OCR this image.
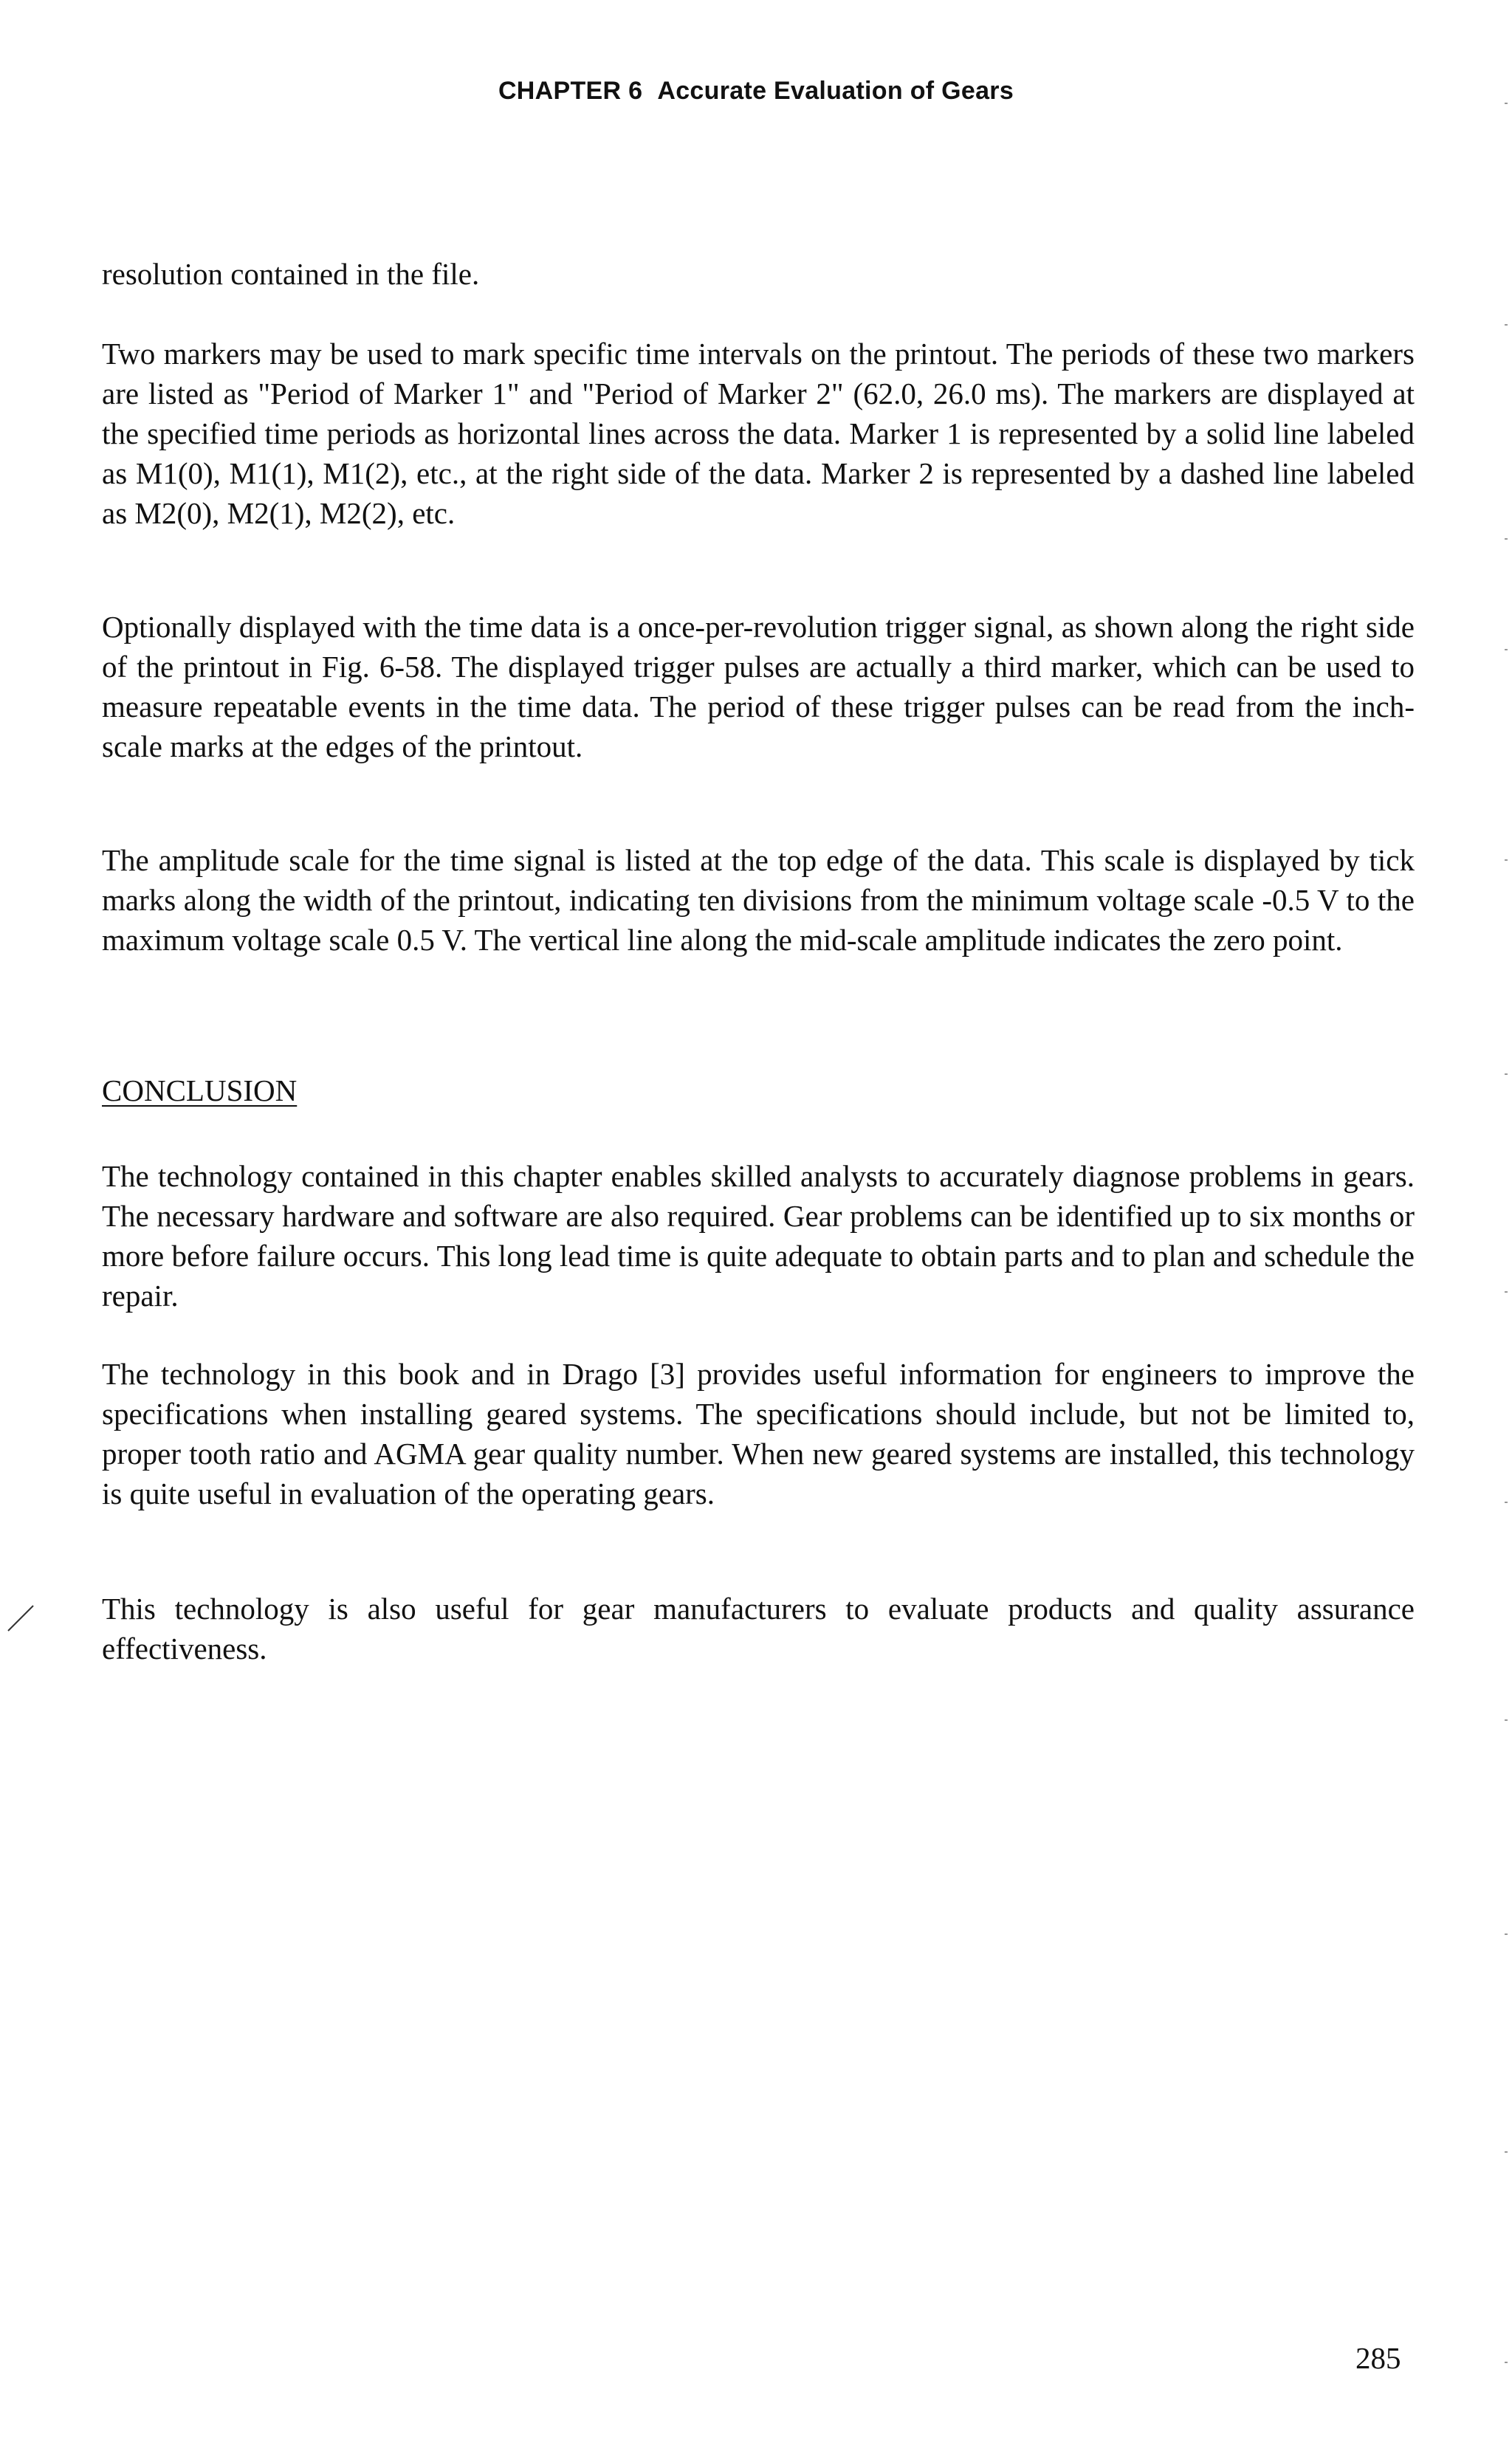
CHAPTER 6 Accurate Evaluation of Gears

resolution contained in the file.

Two markers may be used to mark specific time intervals on the printout. The periods of these two markers are listed as "Period of Marker 1" and "Period of Marker 2" (62.0, 26.0 ms). The markers are displayed at the specified time periods as horizontal lines across the data. Marker 1 is represented by a solid line labeled as M1(0), M1(1), M1(2), etc., at the right side of the data. Marker 2 is represented by a dashed line labeled as M2(0), M2(1), M2(2), etc.

Optionally displayed with the time data is a once-per-revolution trigger signal, as shown along the right side of the printout in Fig. 6-58. The displayed trigger pulses are actually a third marker, which can be used to measure repeatable events in the time data. The period of these trigger pulses can be read from the inch-scale marks at the edges of the printout.

The amplitude scale for the time signal is listed at the top edge of the data. This scale is displayed by tick marks along the width of the printout, indicating ten divisions from the minimum voltage scale -0.5 V to the maximum voltage scale 0.5 V. The vertical line along the mid-scale amplitude indicates the zero point.

CONCLUSION

The technology contained in this chapter enables skilled analysts to accurately diagnose problems in gears. The necessary hardware and software are also required. Gear problems can be identified up to six months or more before failure occurs. This long lead time is quite adequate to obtain parts and to plan and schedule the repair.

The technology in this book and in Drago [3] provides useful information for engineers to improve the specifications when installing geared systems. The specifications should include, but not be limited to, proper tooth ratio and AGMA gear quality number. When new geared systems are installed, this technology is quite useful in evaluation of the operating gears.

This technology is also useful for gear manufacturers to evaluate products and quality assurance effectiveness.

285
